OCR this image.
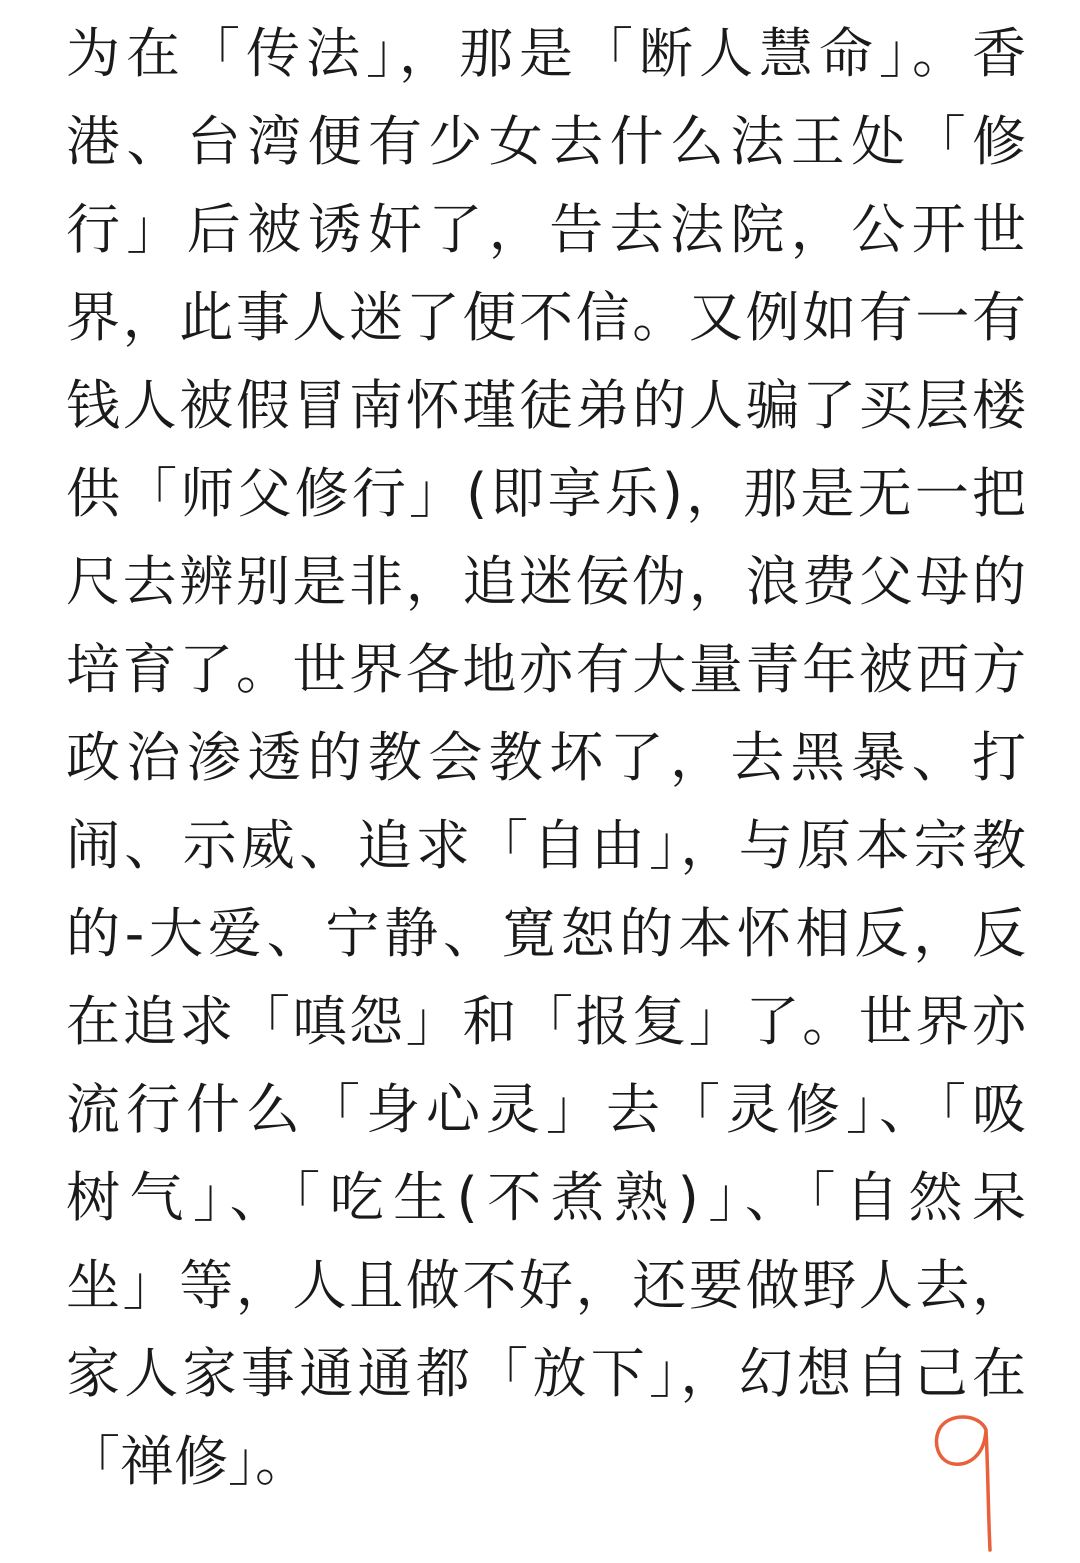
为在「传法」，那是「断人慧命」。香
港、台湾便有少女去什么法王处「修
行」后被诱奸了，告去法院，公开世
界，此事人迷了便不信。又例如有一有
钱人被假冒南怀瑾徒弟的人骗了买层楼
供「师父修行」(即享乐)，那是无一把
尺去辨别是非，追迷佞伪，浪费父母的
培育了。世界各地亦有大量青年被西方
政治渗透的教会教坏了，去黑暴、打
闹、示威、追求「自由」，与原本宗教
的-大爱、宁静、寛恕的本怀相反，反
在追求「嗔怨」和「报复」了。世界亦
流行什么「身心灵」去「灵修」、「吸
树气」、「吃生(不煮熟)」、「自然呆
坐」等，人且做不好，还要做野人去，
家人家事通通都「放下」，幻想自己在
「禅修」。
